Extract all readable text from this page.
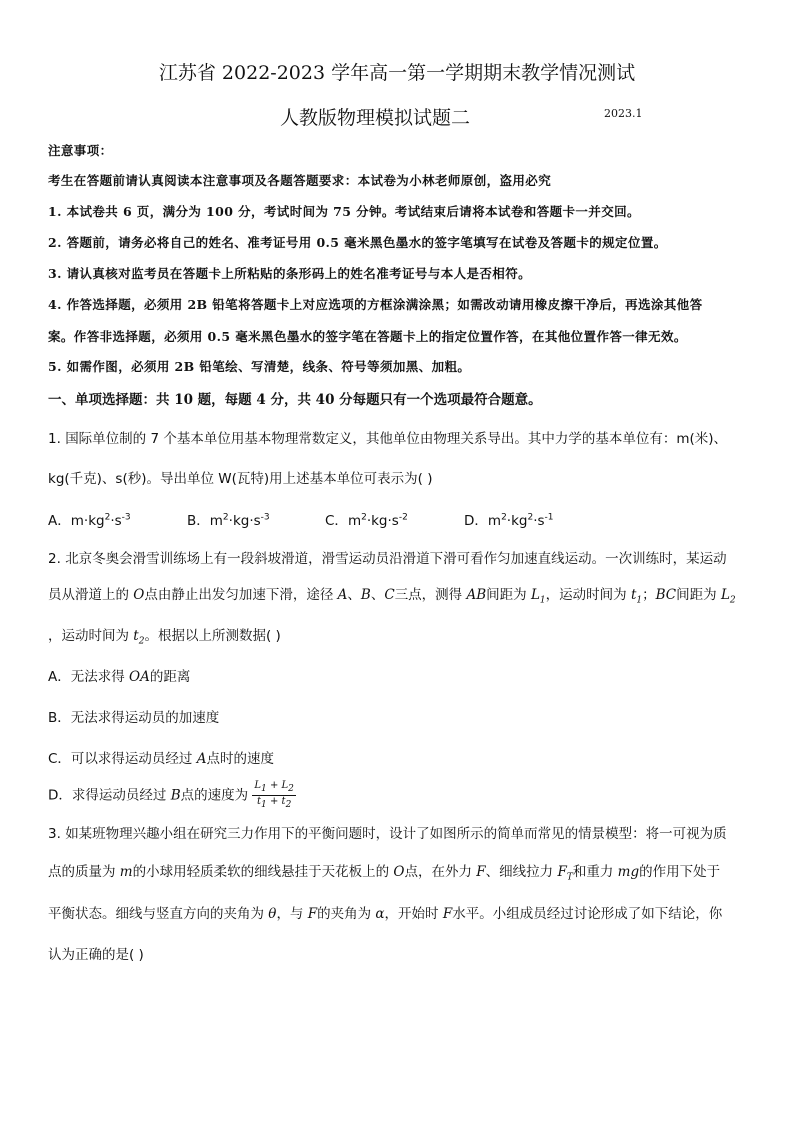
江苏省 2022-2023 学年高一第一学期期末教学情况测试
人教版物理模拟试题二	2023.1
注意事项：
考生在答题前请认真阅读本注意事项及各题答题要求：本试卷为小林老师原创，盗用必究
1. 本试卷共 6 页，满分为 100 分，考试时间为 75 分钟。考试结束后请将本试卷和答题卡一并交回。
2. 答题前，请务必将自己的姓名、准考证号用 0.5 毫米黑色墨水的签字笔填写在试卷及答题卡的规定位置。
3. 请认真核对监考员在答题卡上所粘贴的条形码上的姓名准考证号与本人是否相符。
4. 作答选择题，必须用 2B 铅笔将答题卡上对应选项的方框涂满涂黑；如需改动请用橡皮擦干净后，再选涂其他答
案。作答非选择题，必须用 0.5 毫米黑色墨水的签字笔在答题卡上的指定位置作答，在其他位置作答一律无效。
5. 如需作图，必须用 2B 铅笔绘、写清楚，线条、符号等须加黑、加粗。
一、单项选择题：共 10 题，每题 4 分，共 40 分每题只有一个选项最符合题意。
1. 国际单位制的 7 个基本单位用基本物理常数定义，其他单位由物理关系导出。其中力学的基本单位有：m(米)、
kg(千克)、s(秒)。导出单位 W(瓦特)用上述基本单位可表示为( )
A．$m\cdot kg^2\cdot s^{-3}$	B．$m^2\cdot kg\cdot s^{-3}$	C．$m^2\cdot kg\cdot s^{-2}$	D．$m^2\cdot kg^2\cdot s^{-1}$
2. 北京冬奥会滑雪训练场上有一段斜坡滑道，滑雪运动员沿滑道下滑可看作匀加速直线运动。一次训练时，某运动
员从滑道上的 O点由静止出发匀加速下滑，途径 A、B、C三点，测得 AB间距为 $L_1$，运动时间为 $t_1$；BC间距为 $L_2$
，运动时间为 $t_2$。根据以上所测数据( )
A．无法求得 OA的距离
B．无法求得运动员的加速度
C．可以求得运动员经过 A点时的速度
D．求得运动员经过 B点的速度为 $\frac{L_1 + L_2}{t_1 + t_2}$
3. 如某班物理兴趣小组在研究三力作用下的平衡问题时，设计了如图所示的简单而常见的情景模型：将一可视为质
点的质量为 m的小球用轻质柔软的细线悬挂于天花板上的 O点，在外力 F、细线拉力 $F_T$和重力 mg的作用下处于
平衡状态。细线与竖直方向的夹角为 θ，与 F的夹角为 α，开始时 F水平。小组成员经过讨论形成了如下结论，你
认为正确的是( )
